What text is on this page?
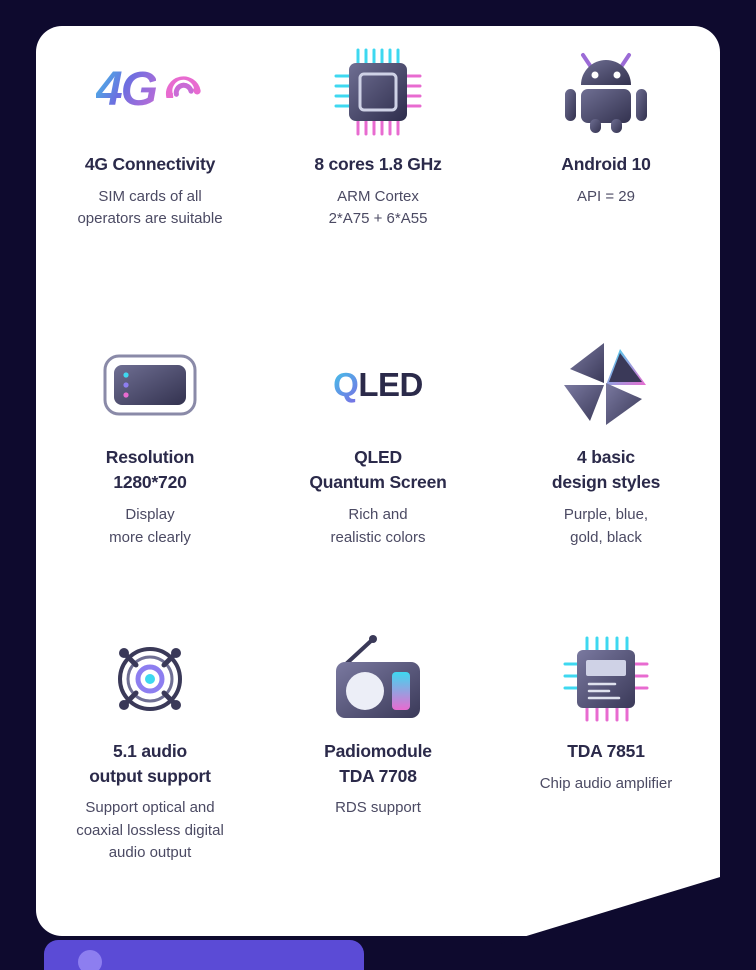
4G
4G Connectivity
SIM cards of all
operators are suitable
8 cores 1.8 GHz
ARM Cortex
2*A75 + 6*A55
Android 10
API = 29
Resolution
1280*720
Display
more clearly
Q LED
QLED
Quantum Screen
Rich and
realistic colors
4 basic
design styles
Purple, blue,
gold, black
5.1 audio
output support
Support optical and
coaxial lossless digital
audio output
Padiomodule
TDA 7708
RDS support
TDA 7851
Chip audio amplifier
